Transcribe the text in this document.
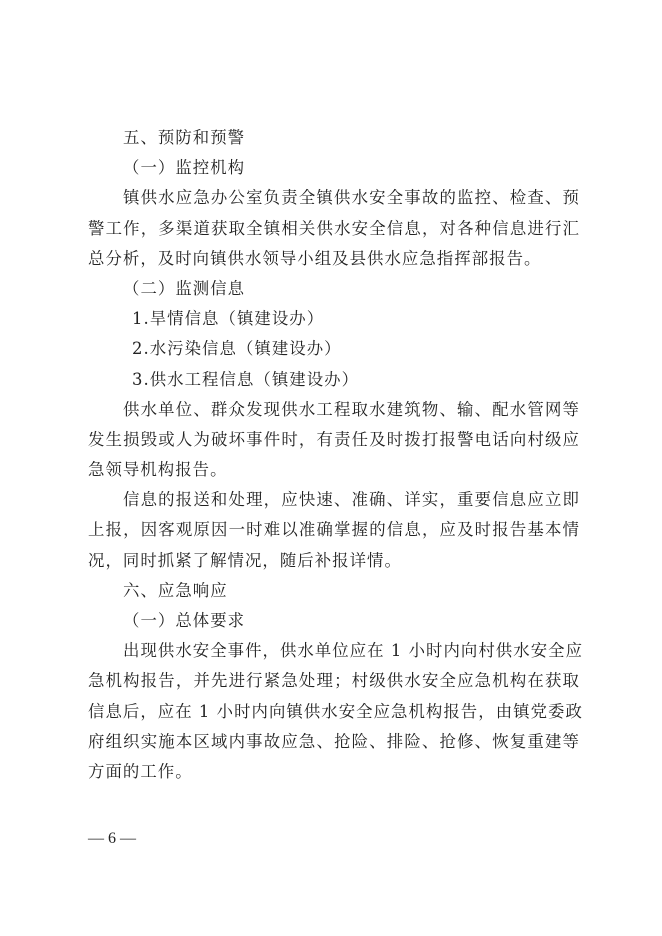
五、预防和预警
（一）监控机构
镇供水应急办公室负责全镇供水安全事故的监控、检查、预
警工作，多渠道获取全镇相关供水安全信息，对各种信息进行汇
总分析，及时向镇供水领导小组及县供水应急指挥部报告。
（二）监测信息
1.旱情信息（镇建设办）
2.水污染信息（镇建设办）
3.供水工程信息（镇建设办）
供水单位、群众发现供水工程取水建筑物、输、配水管网等
发生损毁或人为破坏事件时，有责任及时拨打报警电话向村级应
急领导机构报告。
信息的报送和处理，应快速、准确、详实，重要信息应立即
上报，因客观原因一时难以准确掌握的信息，应及时报告基本情
况，同时抓紧了解情况，随后补报详情。
六、应急响应
（一）总体要求
出现供水安全事件，供水单位应在 1 小时内向村供水安全应
急机构报告，并先进行紧急处理；村级供水安全应急机构在获取
信息后，应在 1 小时内向镇供水安全应急机构报告，由镇党委政
府组织实施本区域内事故应急、抢险、排险、抢修、恢复重建等
方面的工作。
— 6 —
